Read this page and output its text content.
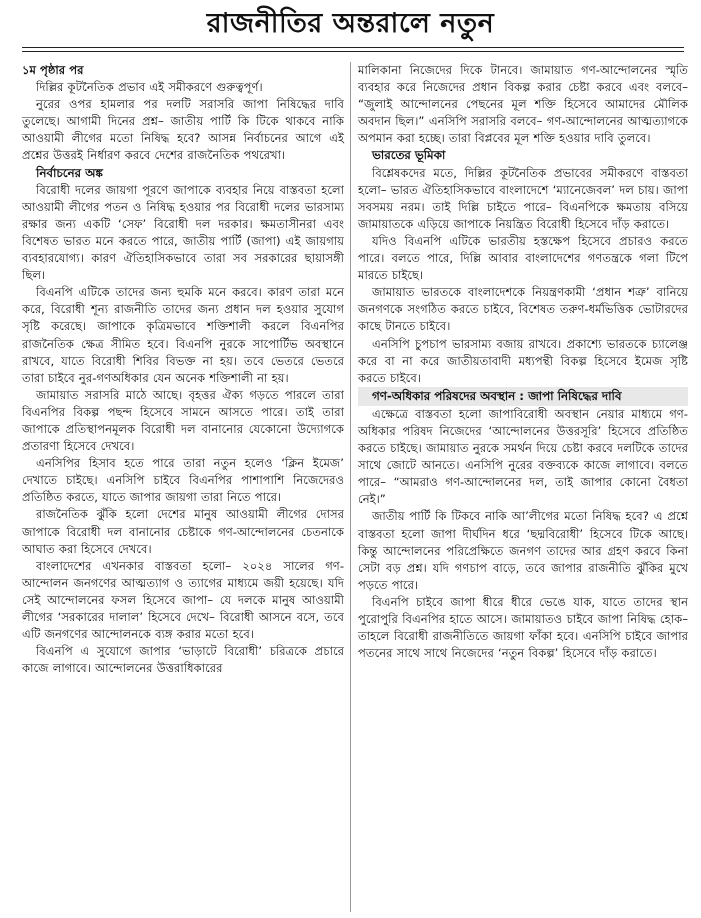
রাজনীতির অন্তরালে নতুন

১ম পৃষ্ঠার পর

দিল্লির কূটনৈতিক প্রভাব এই সমীকরণে গুরুত্বপূর্ণ।

নুরের ওপর হামলার পর দলটি সরাসরি জাপা নিষিদ্ধের দাবি তুলেছে। আগামী দিনের প্রশ্ন– জাতীয় পার্টি কি টিকে থাকবে নাকি আওয়ামী লীগের মতো নিষিদ্ধ হবে? আসন্ন নির্বাচনের আগে এই প্রশ্নের উত্তরই নির্ধারণ করবে দেশের রাজনৈতিক পথরেখা।

নির্বাচনের অঙ্ক

বিরোধী দলের জায়গা পূরণে জাপাকে ব্যবহার নিয়ে বাস্তবতা হলো আওয়ামী লীগের পতন ও নিষিদ্ধ হওয়ার পর বিরোধী দলের ভারসাম্য রক্ষার জন্য একটি ‘সেফ’ বিরোধী দল দরকার। ক্ষমতাসীনরা এবং বিশেষত ভারত মনে করতে পারে, জাতীয় পার্টি (জাপা) এই জায়গায় ব্যবহারযোগ্য। কারণ ঐতিহাসিকভাবে তারা সব সরকারের ছায়াসঙ্গী ছিল।

বিএনপি এটিকে তাদের জন্য হুমকি মনে করবে। কারণ তারা মনে করে, বিরোধী শূন্য রাজনীতি তাদের জন্য প্রধান দল হওয়ার সুযোগ সৃষ্টি করেছে। জাপাকে কৃত্রিমভাবে শক্তিশালী করলে বিএনপির রাজনৈতিক ক্ষেত্র সীমিত হবে। বিএনপি নুরকে সাপোর্টিভ অবস্থানে রাখবে, যাতে বিরোধী শিবির বিভক্ত না হয়। তবে ভেতরে ভেতরে তারা চাইবে নুর-গণঅধিকার যেন অনেক শক্তিশালী না হয়।

জামায়াত সরাসরি মাঠে আছে। বৃহত্তর ঐক্য গড়তে পারলে তারা বিএনপির বিকল্প পছন্দ হিসেবে সামনে আসতে পারে। তাই তারা জাপাকে প্রতিস্থাপনমূলক বিরোধী দল বানানোর যেকোনো উদ্যোগকে প্রতারণা হিসেবে দেখবে।

এনসিপির হিসাব হতে পারে তারা নতুন হলেও ‘ক্লিন ইমেজ’ দেখাতে চাইছে। এনসিপি চাইবে বিএনপির পাশাপাশি নিজেদেরও প্রতিষ্ঠিত করতে, যাতে জাপার জায়গা তারা নিতে পারে।

রাজনৈতিক ঝুঁকি হলো দেশের মানুষ আওয়ামী লীগের দোসর জাপাকে বিরোধী দল বানানোর চেষ্টাকে গণ-আন্দোলনের চেতনাকে আঘাত করা হিসেবে দেখবে।

বাংলাদেশের এখনকার বাস্তবতা হলো– ২০২৪ সালের গণ-আন্দোলন জনগণের আত্মত্যাগ ও ত্যাগের মাধ্যমে জয়ী হয়েছে। যদি সেই আন্দোলনের ফসল হিসেবে জাপা– যে দলকে মানুষ আওয়ামী লীগের ‘সরকারের দালাল’ হিসেবে দেখে– বিরোধী আসনে বসে, তবে এটি জনগণের আন্দোলনকে ব্যঙ্গ করার মতো হবে।

বিএনপি এ সুযোগে জাপার ‘ভাড়াটে বিরোধী’ চরিত্রকে প্রচারে কাজে লাগাবে। আন্দোলনের উত্তরাধিকারের

মালিকানা নিজেদের দিকে টানবে। জামায়াত গণ-আন্দোলনের স্মৃতি ব্যবহার করে নিজেদের প্রধান বিকল্প করার চেষ্টা করবে এবং বলবে– “জুলাই আন্দোলনের পেছনের মূল শক্তি হিসেবে আমাদের মৌলিক অবদান ছিল।” এনসিপি সরাসরি বলবে– গণ-আন্দোলনের আত্মত্যাগকে অপমান করা হচ্ছে। তারা বিপ্লবের মূল শক্তি হওয়ার দাবি তুলবে।

ভারতের ভূমিকা

বিশ্লেষকদের মতে, দিল্লির কূটনৈতিক প্রভাবের সমীকরণে বাস্তবতা হলো– ভারত ঐতিহাসিকভাবে বাংলাদেশে ‘ম্যানেজেবল’ দল চায়। জাপা সবসময় নরম। তাই দিল্লি চাইতে পারে– বিএনপিকে ক্ষমতায় বসিয়ে জামায়াতকে এড়িয়ে জাপাকে নিয়ন্ত্রিত বিরোধী হিসেবে দাঁড় করাতে।

যদিও বিএনপি এটিকে ভারতীয় হস্তক্ষেপ হিসেবে প্রচারও করতে পারে। বলতে পারে, দিল্লি আবার বাংলাদেশের গণতন্ত্রকে গলা টিপে মারতে চাইছে।

জামায়াত ভারতকে বাংলাদেশকে নিয়ন্ত্রণকামী ‘প্রধান শত্রু’ বানিয়ে জনগণকে সংগঠিত করতে চাইবে, বিশেষত তরুণ-ধর্মভিত্তিক ভোটারদের কাছে টানতে চাইবে।

এনসিপি চুপচাপ ভারসাম্য বজায় রাখবে। প্রকাশ্যে ভারতকে চ্যালেঞ্জ করে বা না করে জাতীয়তাবাদী মধ্যপন্থী বিকল্প হিসেবে ইমেজ সৃষ্টি করতে চাইবে।

গণ-অধিকার পরিষদের অবস্থান : জাপা নিষিদ্ধের দাবি

এক্ষেত্রে বাস্তবতা হলো জাপাবিরোধী অবস্থান নেয়ার মাধ্যমে গণ-অধিকার পরিষদ নিজেদের ‘আন্দোলনের উত্তরসূরি’ হিসেবে প্রতিষ্ঠিত করতে চাইছে। জামায়াত নুরকে সমর্থন দিয়ে চেষ্টা করবে দলটিকে তাদের সাথে জোটে আনতে। এনসিপি নুরের বক্তব্যকে কাজে লাগাবে। বলতে পারে– “আমরাও গণ-আন্দোলনের দল, তাই জাপার কোনো বৈধতা নেই।”

জাতীয় পার্টি কি টিকবে নাকি আ’লীগের মতো নিষিদ্ধ হবে? এ প্রশ্নে বাস্তবতা হলো জাপা দীর্ঘদিন ধরে ‘ছদ্মবিরোধী’ হিসেবে টিকে আছে। কিন্তু আন্দোলনের পরিপ্রেক্ষিতে জনগণ তাদের আর গ্রহণ করবে কিনা সেটা বড় প্রশ্ন। যদি গণচাপ বাড়ে, তবে জাপার রাজনীতি ঝুঁকির মুখে পড়তে পারে।

বিএনপি চাইবে জাপা ধীরে ধীরে ভেঙে যাক, যাতে তাদের স্থান পুরোপুরি বিএনপির হাতে আসে। জামায়াতও চাইবে জাপা নিষিদ্ধ হোক– তাহলে বিরোধী রাজনীতিতে জায়গা ফাঁকা হবে। এনসিপি চাইবে জাপার পতনের সাথে সাথে নিজেদের ‘নতুন বিকল্প’ হিসেবে দাঁড় করাতে।
